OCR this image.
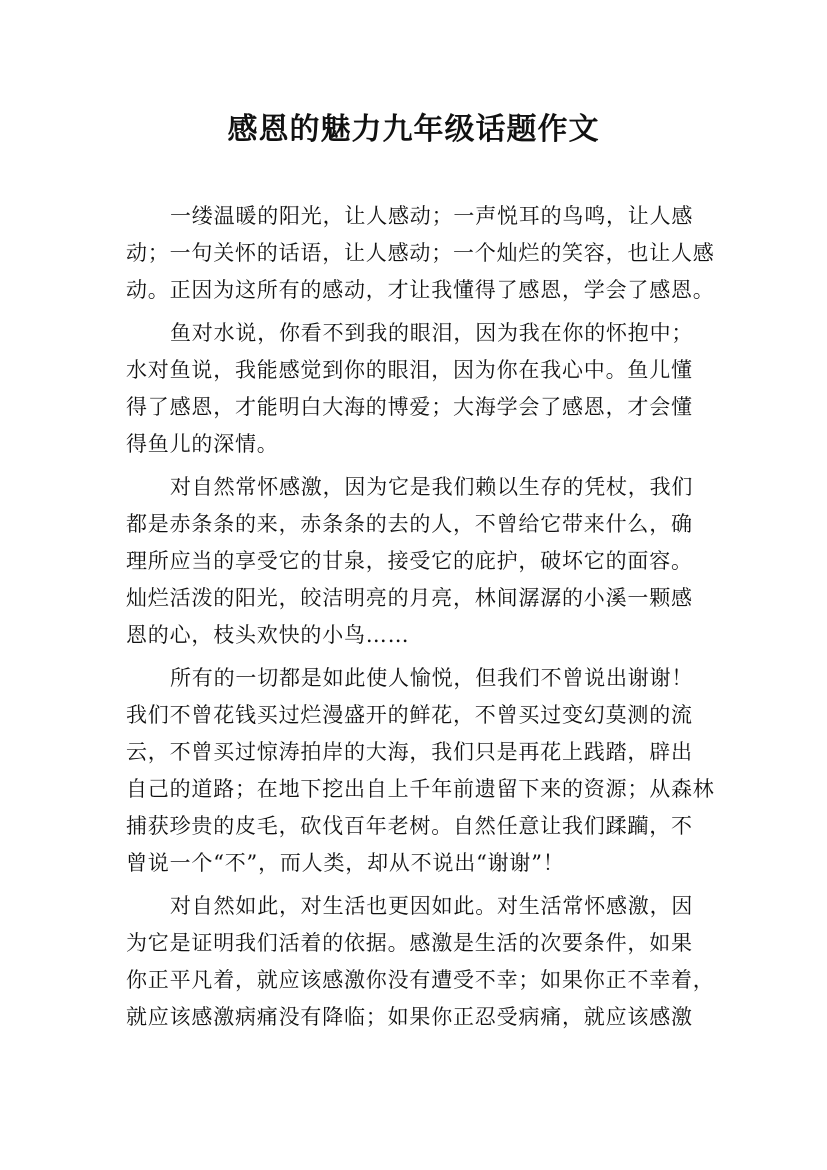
感恩的魅力九年级话题作文
一缕温暖的阳光，让人感动；一声悦耳的鸟鸣，让人感
动；一句关怀的话语，让人感动；一个灿烂的笑容，也让人感
动。正因为这所有的感动，才让我懂得了感恩，学会了感恩。
鱼对水说，你看不到我的眼泪，因为我在你的怀抱中；
水对鱼说，我能感觉到你的眼泪，因为你在我心中。鱼儿懂
得了感恩，才能明白大海的博爱；大海学会了感恩，才会懂
得鱼儿的深情。
对自然常怀感激，因为它是我们赖以生存的凭杖，我们
都是赤条条的来，赤条条的去的人，不曾给它带来什么，确
理所应当的享受它的甘泉，接受它的庇护，破坏它的面容。
灿烂活泼的阳光，皎洁明亮的月亮，林间潺潺的小溪一颗感
恩的心，枝头欢快的小鸟……
所有的一切都是如此使人愉悦，但我们不曾说出谢谢！
我们不曾花钱买过烂漫盛开的鲜花，不曾买过变幻莫测的流
云，不曾买过惊涛拍岸的大海，我们只是再花上践踏，辟出
自己的道路；在地下挖出自上千年前遗留下来的资源；从森林
捕获珍贵的皮毛，砍伐百年老树。自然任意让我们蹂躏，不
曾说一个“不”，而人类，却从不说出“谢谢”！
对自然如此，对生活也更因如此。对生活常怀感激，因
为它是证明我们活着的依据。感激是生活的次要条件，如果
你正平凡着，就应该感激你没有遭受不幸；如果你正不幸着，
就应该感激病痛没有降临；如果你正忍受病痛，就应该感激
